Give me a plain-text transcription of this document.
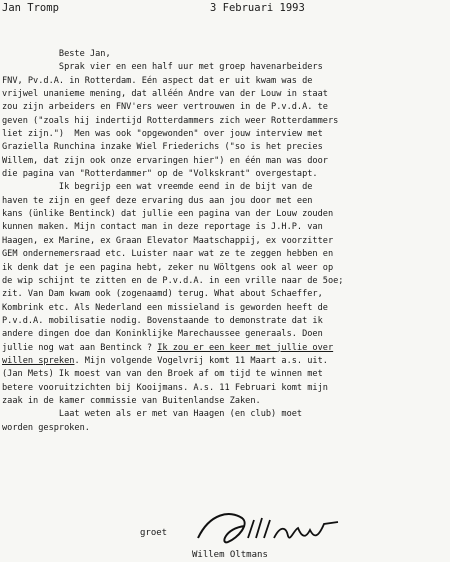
Jan Tromp	3 Februari 1993
Beste Jan,
Sprak vier en een half uur met groep havenarbeiders
FNV, Pv.d.A. in Rotterdam. Eén aspect dat er uit kwam was de
vrijwel unanieme mening, dat alléén Andre van der Louw in staat
zou zijn arbeiders en FNV'ers weer vertrouwen in de P.v.d.A. te
geven ("zoals hij indertijd Rotterdammers zich weer Rotterdammers
liet zijn.")  Men was ook "opgewonden" over jouw interview met
Graziella Runchina inzake Wiel Friederichs ("so is het precies
Willem, dat zijn ook onze ervaringen hier") en één man was door
die pagina van "Rotterdammer" op de "Volkskrant" overgestapt.
Ik begrijp een wat vreemde eend in de bijt van de
haven te zijn en geef deze ervaring dus aan jou door met een
kans (ünlike Bentinck) dat jullie een pagina van der Louw zouden
kunnen maken. Mijn contact man in deze reportage is J.H.P. van
Haagen, ex Marine, ex Graan Elevator Maatschappij, ex voorzitter
GEM ondernemersraad etc. Luister naar wat ze te zeggen hebben en
ik denk dat je een pagina hebt, zeker nu Wöltgens ook al weer op
de wip schijnt te zitten en de P.v.d.A. in een vrille naar de 5oe;
zit. Van Dam kwam ook (zogenaamd) terug. What about Schaeffer,
Kombrink etc. Als Nederland een missieland is geworden heeft de
P.v.d.A. mobilisatie nodig. Bovenstaande to demonstrate dat ik
andere dingen doe dan Koninklijke Marechaussee generaals. Doen
jullie nog wat aan Bentinck ? Ik zou er een keer met jullie over
willen spreken. Mijn volgende Vogelvrij komt 11 Maart a.s. uit.
(Jan Mets) Ik moest van van den Broek af om tijd te winnen met
betere vooruitzichten bij Kooijmans. A.s. 11 Februari komt mijn
zaak in de kamer commissie van Buitenlandse Zaken.
Laat weten als er met van Haagen (en club) moet
worden gesproken.
groet
Willem Oltmans
